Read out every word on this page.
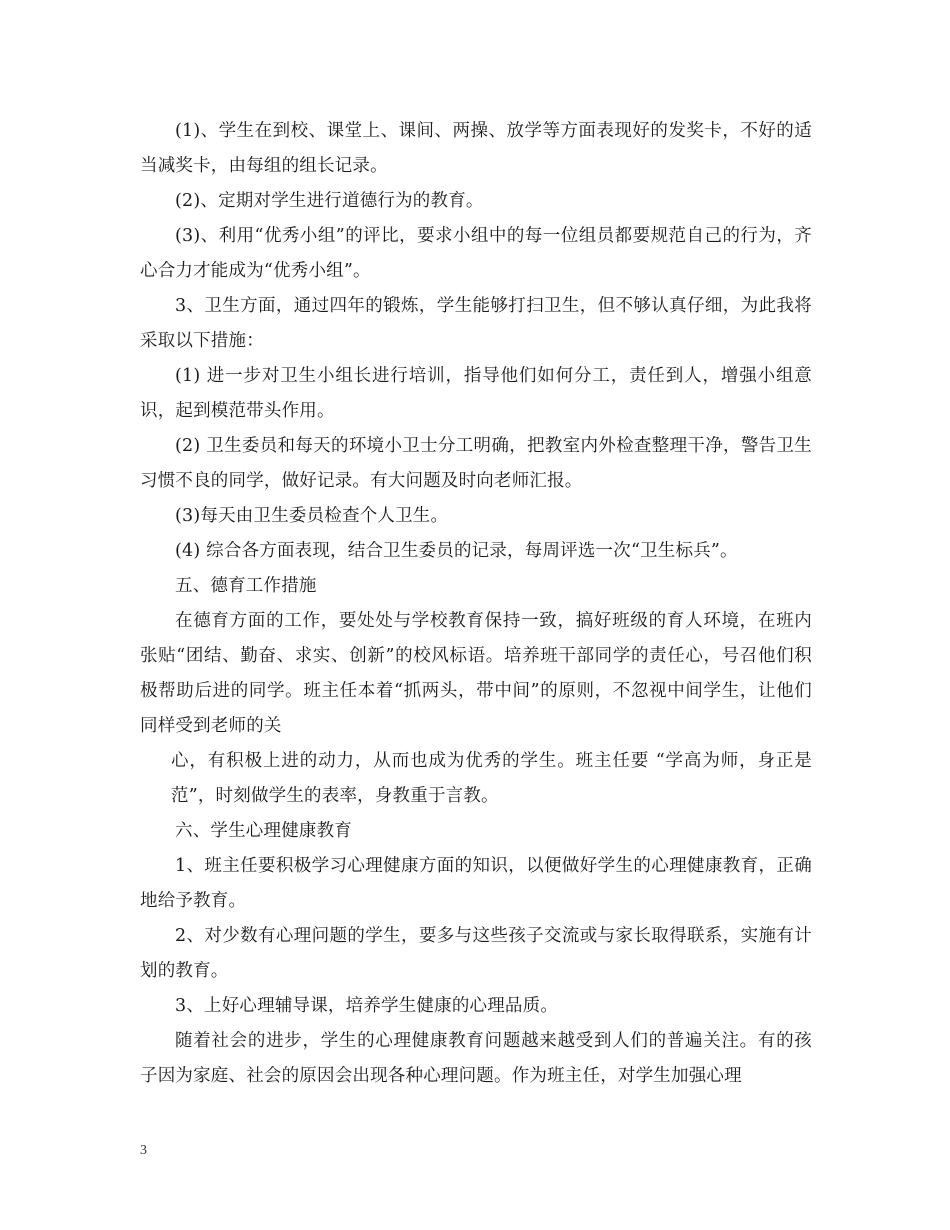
(1)、学生在到校、课堂上、课间、两操、放学等方面表现好的发奖卡，不好的适当减奖卡，由每组的组长记录。

(2)、定期对学生进行道德行为的教育。

(3)、利用“优秀小组”的评比，要求小组中的每一位组员都要规范自己的行为，齐心合力才能成为“优秀小组”。

3、卫生方面，通过四年的锻炼，学生能够打扫卫生，但不够认真仔细，为此我将采取以下措施：

(1) 进一步对卫生小组长进行培训，指导他们如何分工，责任到人，增强小组意识，起到模范带头作用。

(2) 卫生委员和每天的环境小卫士分工明确，把教室内外检查整理干净，警告卫生习惯不良的同学，做好记录。有大问题及时向老师汇报。

(3)每天由卫生委员检查个人卫生。

(4) 综合各方面表现，结合卫生委员的记录，每周评选一次“卫生标兵”。

五、德育工作措施

在德育方面的工作，要处处与学校教育保持一致，搞好班级的育人环境，在班内张贴“团结、勤奋、求实、创新”的校风标语。培养班干部同学的责任心，号召他们积极帮助后进的同学。班主任本着“抓两头，带中间”的原则，不忽视中间学生，让他们同样受到老师的关

心，有积极上进的动力，从而也成为优秀的学生。班主任要 “学高为师，身正是范”，时刻做学生的表率，身教重于言教。

六、学生心理健康教育

1、班主任要积极学习心理健康方面的知识，以便做好学生的心理健康教育，正确地给予教育。

2、对少数有心理问题的学生，要多与这些孩子交流或与家长取得联系，实施有计划的教育。

3、上好心理辅导课，培养学生健康的心理品质。

随着社会的进步，学生的心理健康教育问题越来越受到人们的普遍关注。有的孩子因为家庭、社会的原因会出现各种心理问题。作为班主任，对学生加强心理

3
